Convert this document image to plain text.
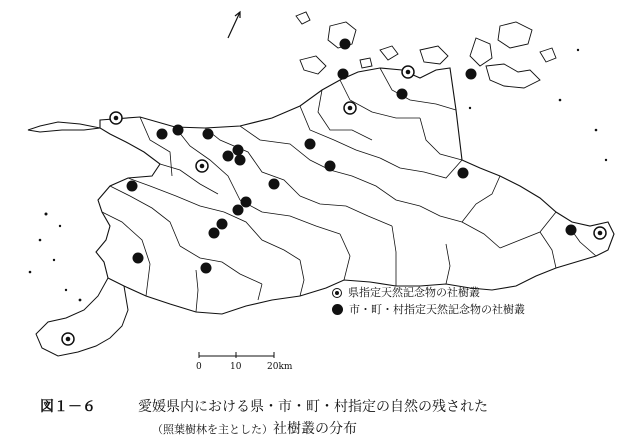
県指定天然記念物の社樹叢
市・町・村指定天然記念物の社樹叢
0	10	20km
図１－６	愛媛県内における県・市・町・村指定の自然の残された
（照葉樹林を主とした）社樹叢の分布
